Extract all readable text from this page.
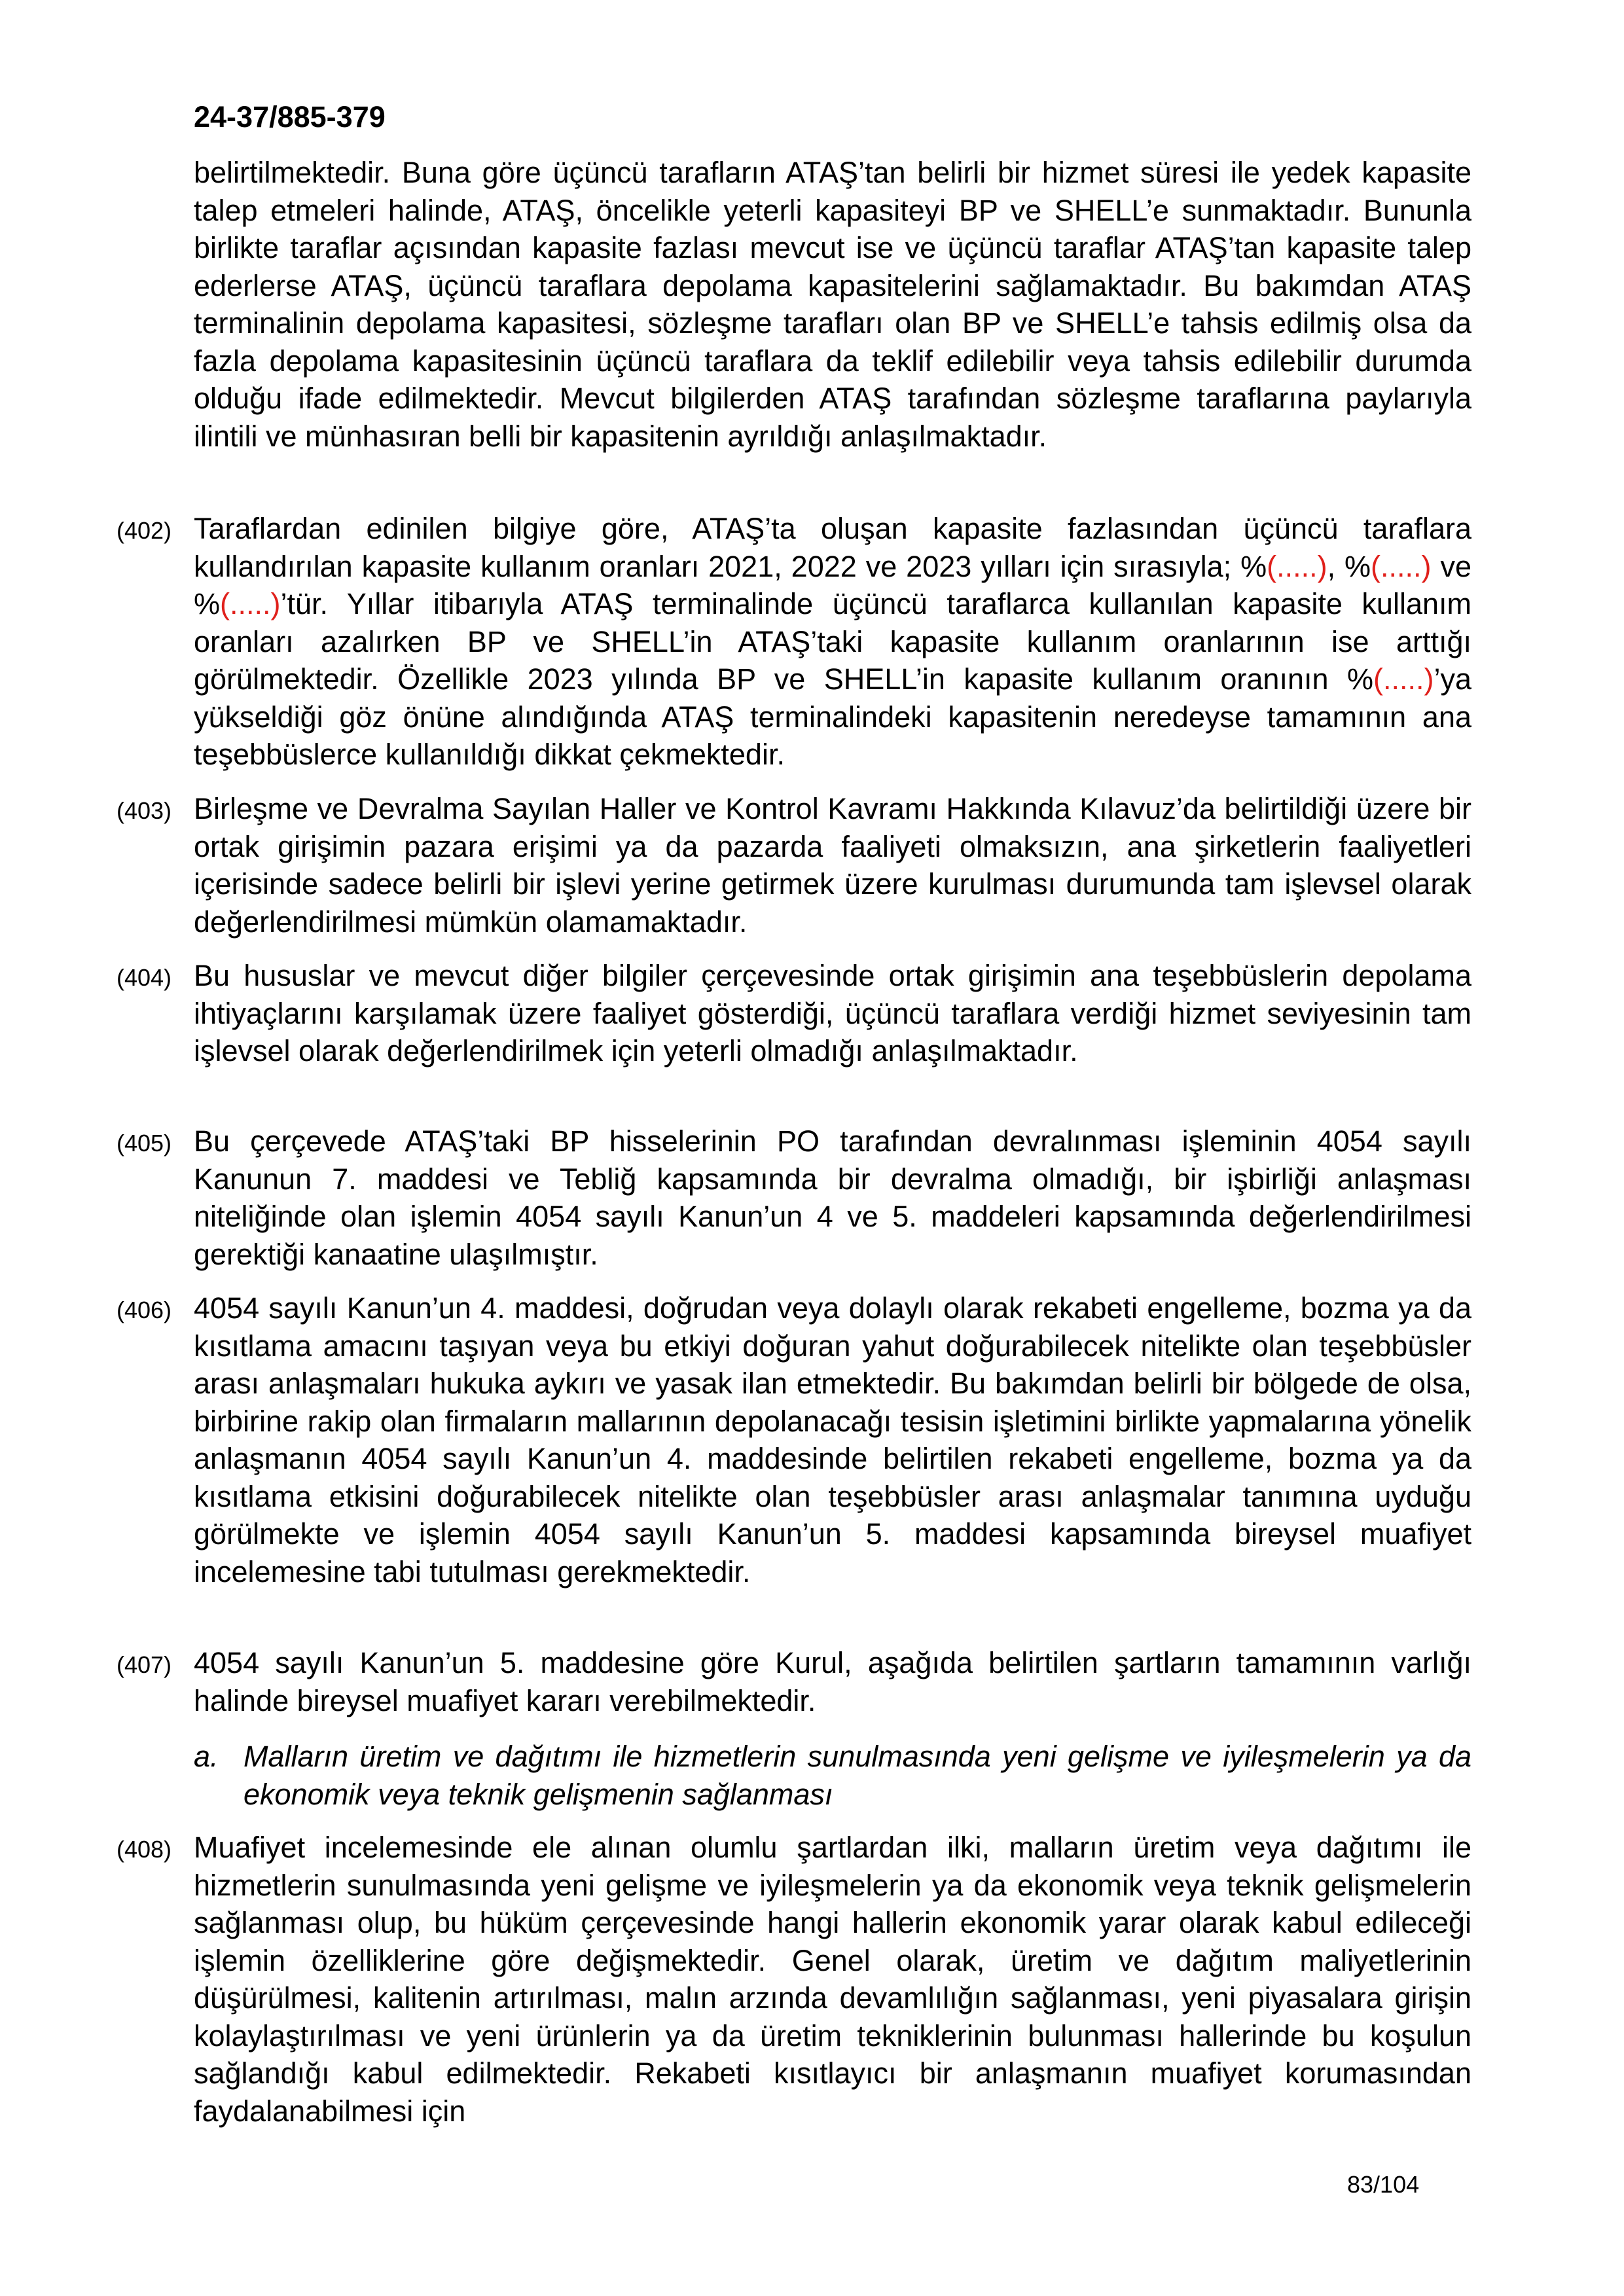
24-37/885-379

belirtilmektedir. Buna göre üçüncü tarafların ATAŞ’tan belirli bir hizmet süresi ile yedek kapasite talep etmeleri halinde, ATAŞ, öncelikle yeterli kapasiteyi BP ve SHELL’e sunmaktadır. Bununla birlikte taraflar açısından kapasite fazlası mevcut ise ve üçüncü taraflar ATAŞ’tan kapasite talep ederlerse ATAŞ, üçüncü taraflara depolama kapasitelerini sağlamaktadır. Bu bakımdan ATAŞ terminalinin depolama kapasitesi, sözleşme tarafları olan BP ve SHELL’e tahsis edilmiş olsa da fazla depolama kapasitesinin üçüncü taraflara da teklif edilebilir veya tahsis edilebilir durumda olduğu ifade edilmektedir. Mevcut bilgilerden ATAŞ tarafından sözleşme taraflarına paylarıyla ilintili ve münhasıran belli bir kapasitenin ayrıldığı anlaşılmaktadır.

(402) Taraflardan edinilen bilgiye göre, ATAŞ’ta oluşan kapasite fazlasından üçüncü taraflara kullandırılan kapasite kullanım oranları 2021, 2022 ve 2023 yılları için sırasıyla; %(.....), %(.....) ve %(.....)’tür. Yıllar itibarıyla ATAŞ terminalinde üçüncü taraflarca kullanılan kapasite kullanım oranları azalırken BP ve SHELL’in ATAŞ’taki kapasite kullanım oranlarının ise arttığı görülmektedir. Özellikle 2023 yılında BP ve SHELL’in kapasite kullanım oranının %(.....)’ya yükseldiği göz önüne alındığında ATAŞ terminalindeki kapasitenin neredeyse tamamının ana teşebbüslerce kullanıldığı dikkat çekmektedir.

(403) Birleşme ve Devralma Sayılan Haller ve Kontrol Kavramı Hakkında Kılavuz’da belirtildiği üzere bir ortak girişimin pazara erişimi ya da pazarda faaliyeti olmaksızın, ana şirketlerin faaliyetleri içerisinde sadece belirli bir işlevi yerine getirmek üzere kurulması durumunda tam işlevsel olarak değerlendirilmesi mümkün olamamaktadır.

(404) Bu hususlar ve mevcut diğer bilgiler çerçevesinde ortak girişimin ana teşebbüslerin depolama ihtiyaçlarını karşılamak üzere faaliyet gösterdiği, üçüncü taraflara verdiği hizmet seviyesinin tam işlevsel olarak değerlendirilmek için yeterli olmadığı anlaşılmaktadır.

(405) Bu çerçevede ATAŞ’taki BP hisselerinin PO tarafından devralınması işleminin 4054 sayılı Kanunun 7. maddesi ve Tebliğ kapsamında bir devralma olmadığı, bir işbirliği anlaşması niteliğinde olan işlemin 4054 sayılı Kanun’un 4 ve 5. maddeleri kapsamında değerlendirilmesi gerektiği kanaatine ulaşılmıştır.

(406) 4054 sayılı Kanun’un 4. maddesi, doğrudan veya dolaylı olarak rekabeti engelleme, bozma ya da kısıtlama amacını taşıyan veya bu etkiyi doğuran yahut doğurabilecek nitelikte olan teşebbüsler arası anlaşmaları hukuka aykırı ve yasak ilan etmektedir. Bu bakımdan belirli bir bölgede de olsa, birbirine rakip olan firmaların mallarının depolanacağı tesisin işletimini birlikte yapmalarına yönelik anlaşmanın 4054 sayılı Kanun’un 4. maddesinde belirtilen rekabeti engelleme, bozma ya da kısıtlama etkisini doğurabilecek nitelikte olan teşebbüsler arası anlaşmalar tanımına uyduğu görülmekte ve işlemin 4054 sayılı Kanun’un 5. maddesi kapsamında bireysel muafiyet incelemesine tabi tutulması gerekmektedir.

(407) 4054 sayılı Kanun’un 5. maddesine göre Kurul, aşağıda belirtilen şartların tamamının varlığı halinde bireysel muafiyet kararı verebilmektedir.

a. Malların üretim ve dağıtımı ile hizmetlerin sunulmasında yeni gelişme ve iyileşmelerin ya da ekonomik veya teknik gelişmenin sağlanması

(408) Muafiyet incelemesinde ele alınan olumlu şartlardan ilki, malların üretim veya dağıtımı ile hizmetlerin sunulmasında yeni gelişme ve iyileşmelerin ya da ekonomik veya teknik gelişmelerin sağlanması olup, bu hüküm çerçevesinde hangi hallerin ekonomik yarar olarak kabul edileceği işlemin özelliklerine göre değişmektedir. Genel olarak, üretim ve dağıtım maliyetlerinin düşürülmesi, kalitenin artırılması, malın arzında devamlılığın sağlanması, yeni piyasalara girişin kolaylaştırılması ve yeni ürünlerin ya da üretim tekniklerinin bulunması hallerinde bu koşulun sağlandığı kabul edilmektedir. Rekabeti kısıtlayıcı bir anlaşmanın muafiyet korumasından faydalanabilmesi için

83/104
